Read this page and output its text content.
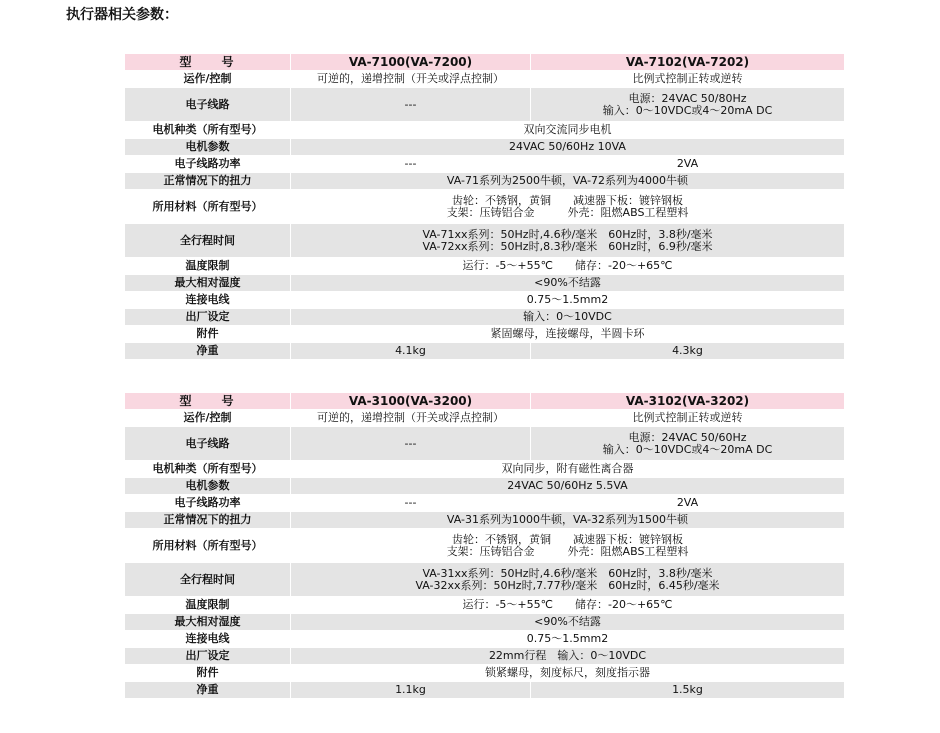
执行器相关参数：
型　　号	VA-7100(VA-7200)	VA-7102(VA-7202)
运作/控制	可逆的，递增控制（开关或浮点控制）	比例式控制正转或逆转
电子线路	---	电源：24VAC 50/80Hz
输入：0～10VDC或4～20mA DC

电机种类（所有型号）	双向交流同步电机	
电机参数	24VAC 50/60Hz 10VA	
电子线路功率	---	2VA
正常情况下的扭力	VA-71系列为2500牛顿，VA-72系列为4000牛顿	
所用材料（所有型号）	齿轮：不锈钢，黄铜　　减速器下板：镀锌钢板
支架：压铸铝合金　　　外壳：阻燃ABS工程塑料	

全行程时间	VA-71xx系列：50Hz时,4.6秒/毫米　60Hz时，3.8秒/毫米
VA-72xx系列：50Hz时,8.3秒/毫米　60Hz时，6.9秒/毫米	

温度限制	运行：-5～+55℃　　储存：-20～+65℃	
最大相对湿度	<90%不结露	
连接电线	0.75～1.5mm2	
出厂设定	输入：0～10VDC	
附件	紧固螺母，连接螺母，半圆卡环	
净重	4.1kg	4.3kg
型　　号	VA-3100(VA-3200)	VA-3102(VA-3202)
运作/控制	可逆的，递增控制（开关或浮点控制）	比例式控制正转或逆转
电子线路	---	电源：24VAC 50/60Hz
输入：0～10VDC或4～20mA DC

电机种类（所有型号）	双向同步，附有磁性离合器	
电机参数	24VAC 50/60Hz 5.5VA	
电子线路功率	---	2VA
正常情况下的扭力	VA-31系列为1000牛顿，VA-32系列为1500牛顿	
所用材料（所有型号）	齿轮：不锈钢，黄铜　　减速器下板：镀锌钢板
支架：压铸铝合金　　　外壳：阻燃ABS工程塑料	

全行程时间	VA-31xx系列：50Hz时,4.6秒/毫米　60Hz时，3.8秒/毫米
VA-32xx系列：50Hz时,7.77秒/毫米　60Hz时，6.45秒/毫米	

温度限制	运行：-5～+55℃　　储存：-20～+65℃	
最大相对湿度	<90%不结露	
连接电线	0.75～1.5mm2	
出厂设定	22mm行程　输入：0～10VDC	
附件	锁紧螺母，刻度标尺，刻度指示器	
净重	1.1kg	1.5kg
